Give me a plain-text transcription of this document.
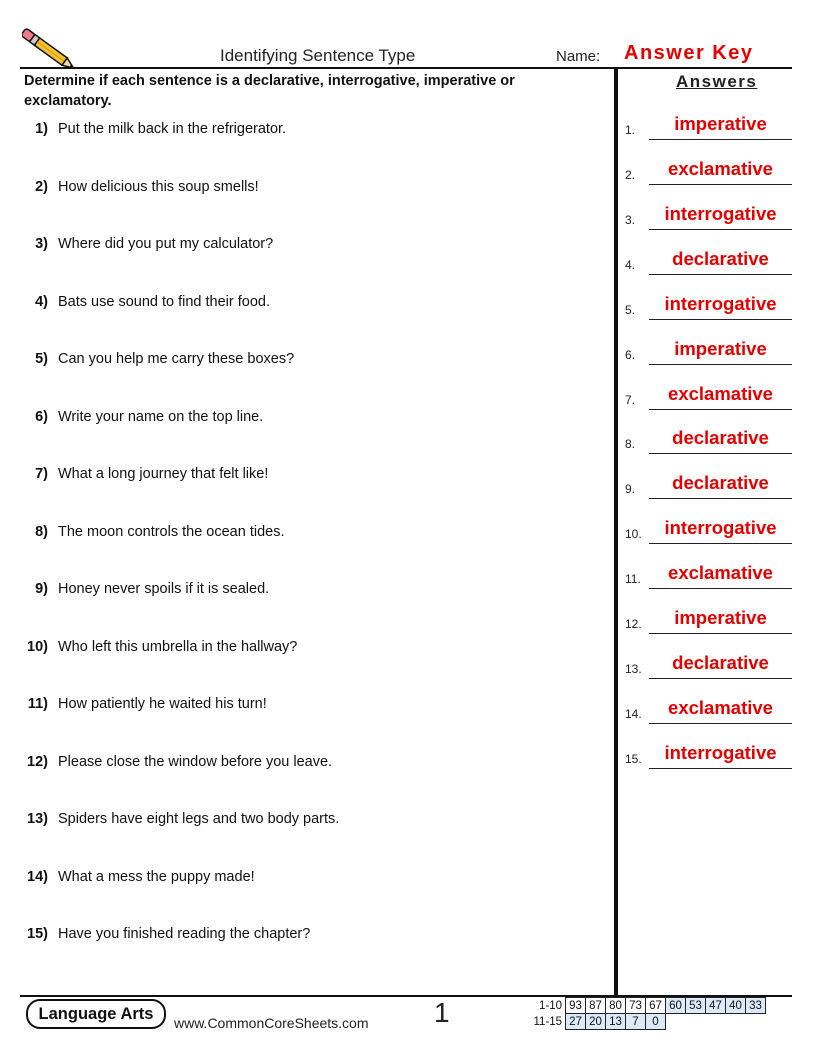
Identifying Sentence Type	Name: Answer Key
Determine if each sentence is a declarative, interrogative, imperative or exclamatory.
1) Put the milk back in the refrigerator.
2) How delicious this soup smells!
3) Where did you put my calculator?
4) Bats use sound to find their food.
5) Can you help me carry these boxes?
6) Write your name on the top line.
7) What a long journey that felt like!
8) The moon controls the ocean tides.
9) Honey never spoils if it is sealed.
10) Who left this umbrella in the hallway?
11) How patiently he waited his turn!
12) Please close the window before you leave.
13) Spiders have eight legs and two body parts.
14) What a mess the puppy made!
15) Have you finished reading the chapter?
Answers
1.	imperative
2.	exclamative
3.	interrogative
4.	declarative
5.	interrogative
6.	imperative
7.	exclamative
8.	declarative
9.	declarative
10.	interrogative
11.	exclamative
12.	imperative
13.	declarative
14.	exclamative
15.	interrogative
Language Arts	www.CommonCoreSheets.com 1	1-10	93	87	80	73	67	60	53	47	40	33
11-15	27	20	13	7	0					
